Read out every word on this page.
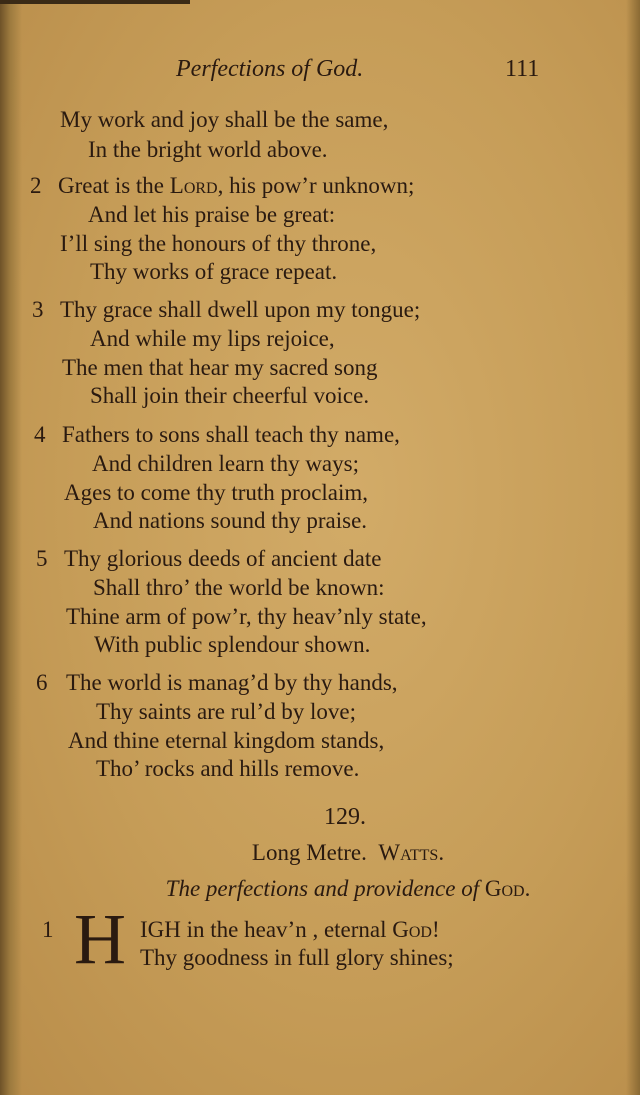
Perfections of God.	111
My work and joy shall be the same,
In the bright world above.
2 Great is the Lord, his pow’r unknown;
And let his praise be great:
I’ll sing the honours of thy throne,
Thy works of grace repeat.
3 Thy grace shall dwell upon my tongue;
And while my lips rejoice,
The men that hear my sacred song
Shall join their cheerful voice.
4 Fathers to sons shall teach thy name,
And children learn thy ways;
Ages to come thy truth proclaim,
And nations sound thy praise.
5 Thy glorious deeds of ancient date
Shall thro’ the world be known:
Thine arm of pow’r, thy heav’nly state,
With public splendour shown.
6 The world is manag’d by thy hands,
Thy saints are rul’d by love;
And thine eternal kingdom stands,
Tho’ rocks and hills remove.
129.
Long Metre. Watts.
The perfections and providence of God.
1 H IGH in the heav’n , eternal God!
Thy goodness in full glory shines;
